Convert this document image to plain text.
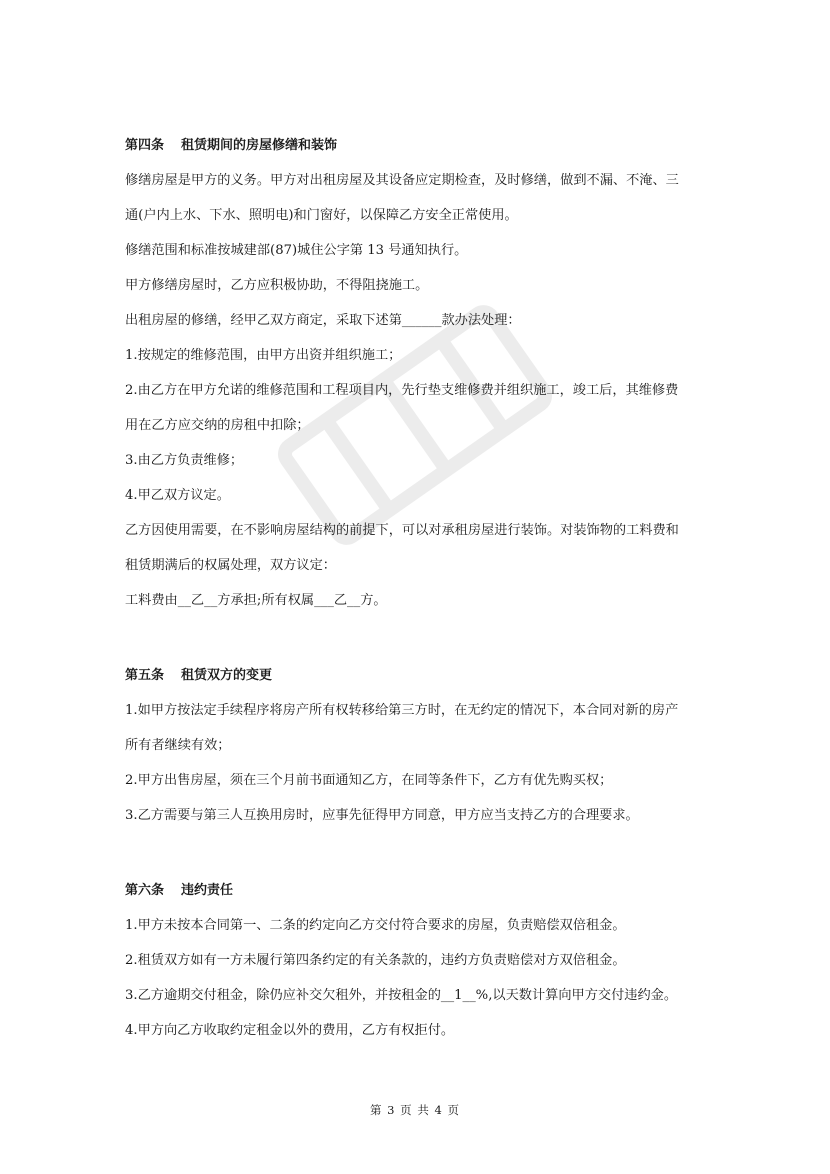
第四条 租赁期间的房屋修缮和装饰

修缮房屋是甲方的义务。甲方对出租房屋及其设备应定期检查，及时修缮，做到不漏、不淹、三

通(户内上水、下水、照明电)和门窗好，以保障乙方安全正常使用。

修缮范围和标准按城建部(87)城住公字第 13 号通知执行。

甲方修缮房屋时，乙方应积极协助，不得阻挠施工。

出租房屋的修缮，经甲乙双方商定，采取下述第______款办法处理：

1.按规定的维修范围，由甲方出资并组织施工；

2.由乙方在甲方允诺的维修范围和工程项目内，先行垫支维修费并组织施工，竣工后，其维修费

用在乙方应交纳的房租中扣除；

3.由乙方负责维修；

4.甲乙双方议定。

乙方因使用需要，在不影响房屋结构的前提下，可以对承租房屋进行装饰。对装饰物的工料费和

租赁期满后的权属处理，双方议定：

工料费由__乙__方承担;所有权属___乙__方。

第五条 租赁双方的变更

1.如甲方按法定手续程序将房产所有权转移给第三方时，在无约定的情况下，本合同对新的房产

所有者继续有效；

2.甲方出售房屋，须在三个月前书面通知乙方，在同等条件下，乙方有优先购买权；

3.乙方需要与第三人互换用房时，应事先征得甲方同意，甲方应当支持乙方的合理要求。

第六条 违约责任

1.甲方未按本合同第一、二条的约定向乙方交付符合要求的房屋，负责赔偿双倍租金。

2.租赁双方如有一方未履行第四条约定的有关条款的，违约方负责赔偿对方双倍租金。

3.乙方逾期交付租金，除仍应补交欠租外，并按租金的__1__%,以天数计算向甲方交付违约金。

4.甲方向乙方收取约定租金以外的费用，乙方有权拒付。

第 3 页 共 4 页
